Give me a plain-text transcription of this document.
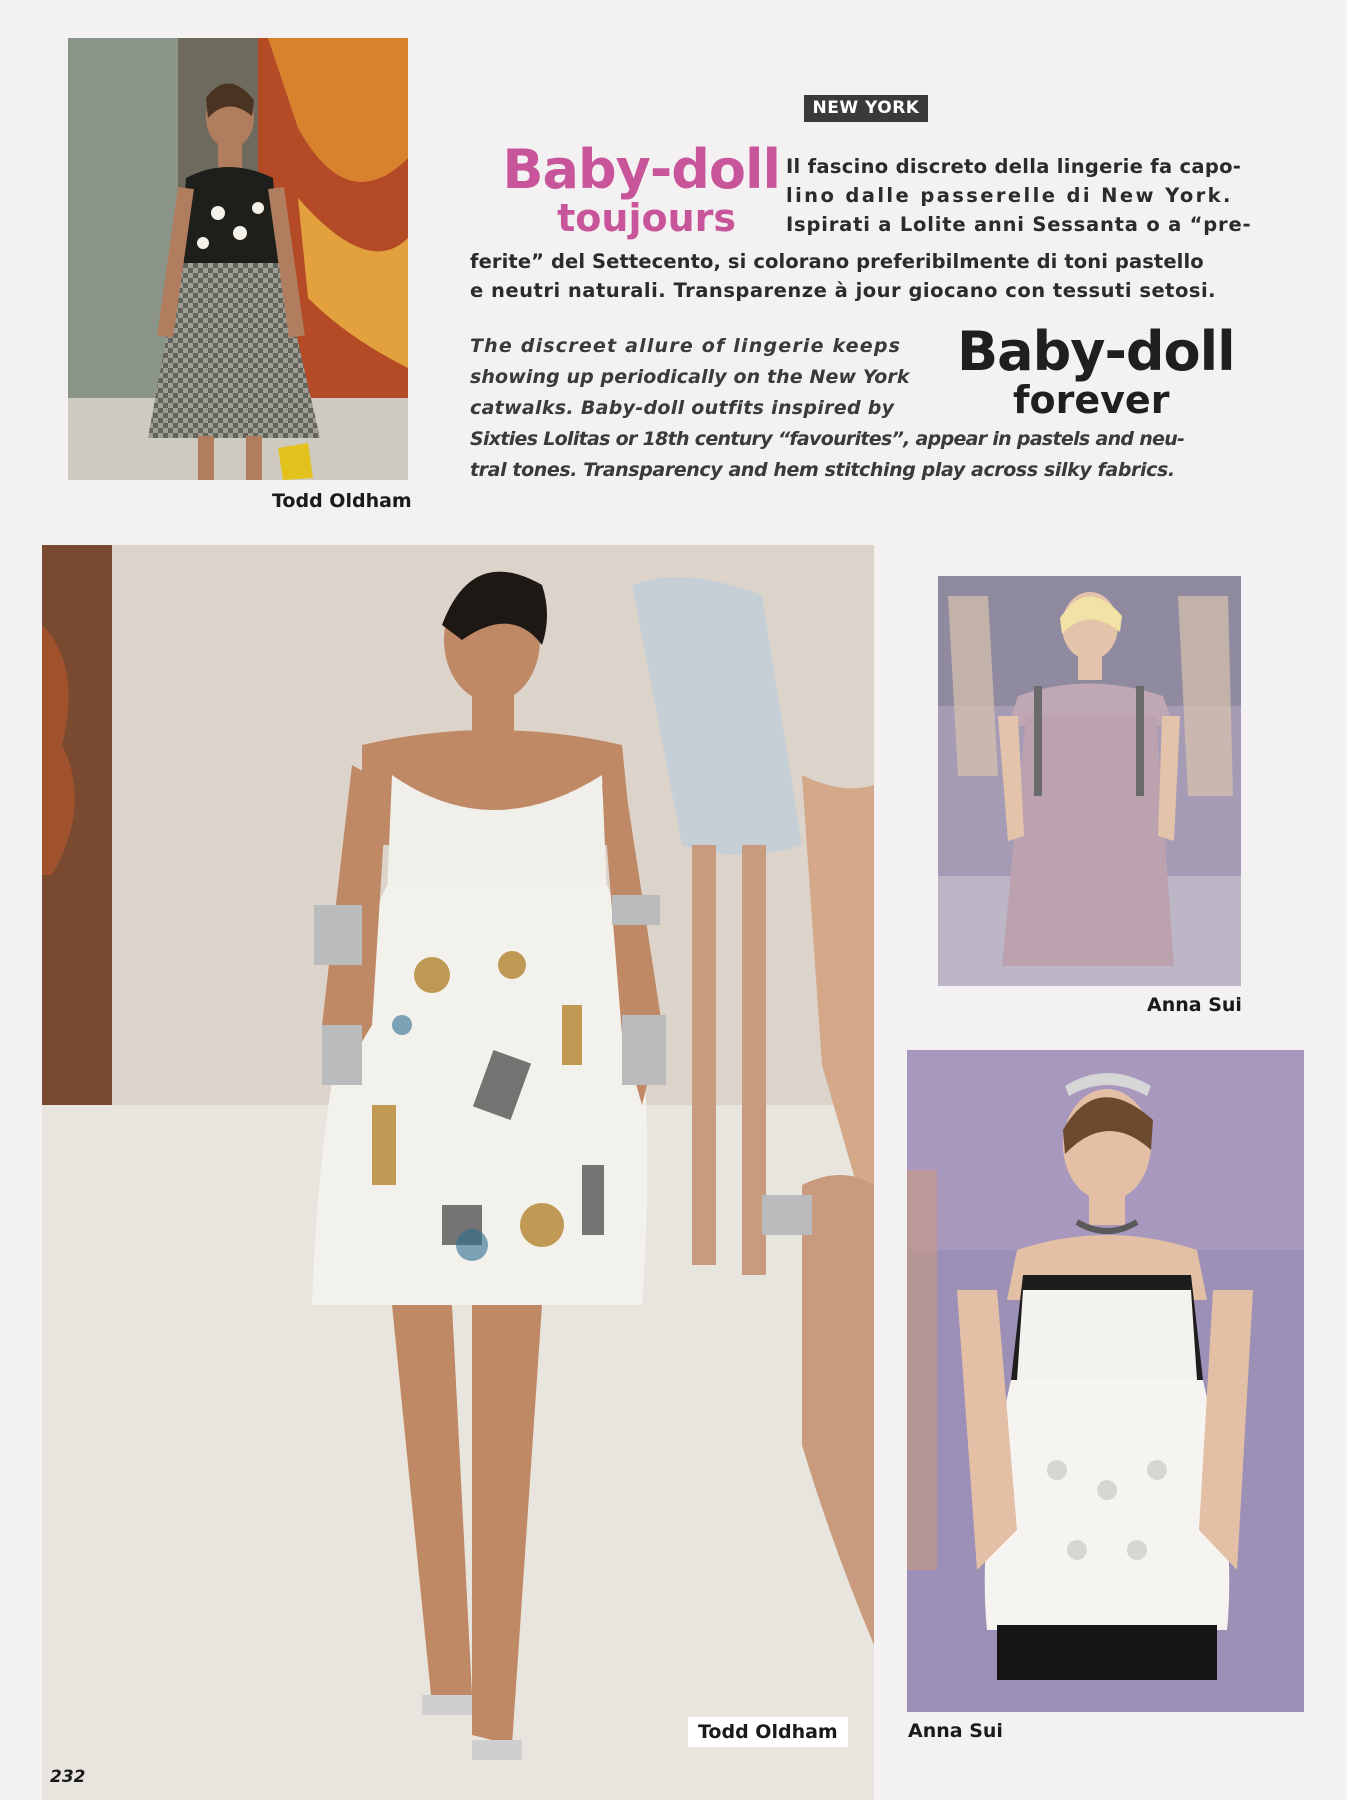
Todd Oldham
NEW YORK
Baby-doll
toujours
Il fascino discreto della lingerie fa capo-
lino dalle passerelle di New York.
Ispirati a Lolite anni Sessanta o a “pre-
ferite” del Settecento, si colorano preferibilmente di toni pastello
e neutri naturali. Transparenze à jour giocano con tessuti setosi.
The discreet allure of lingerie keeps
showing up periodically on the New York
catwalks. Baby-doll outfits inspired by
Sixties Lolitas or 18th century “favourites”, appear in pastels and neu-
tral tones. Transparency and hem stitching play across silky fabrics.
Baby-doll
forever
Todd Oldham
Anna Sui
Anna Sui
232
